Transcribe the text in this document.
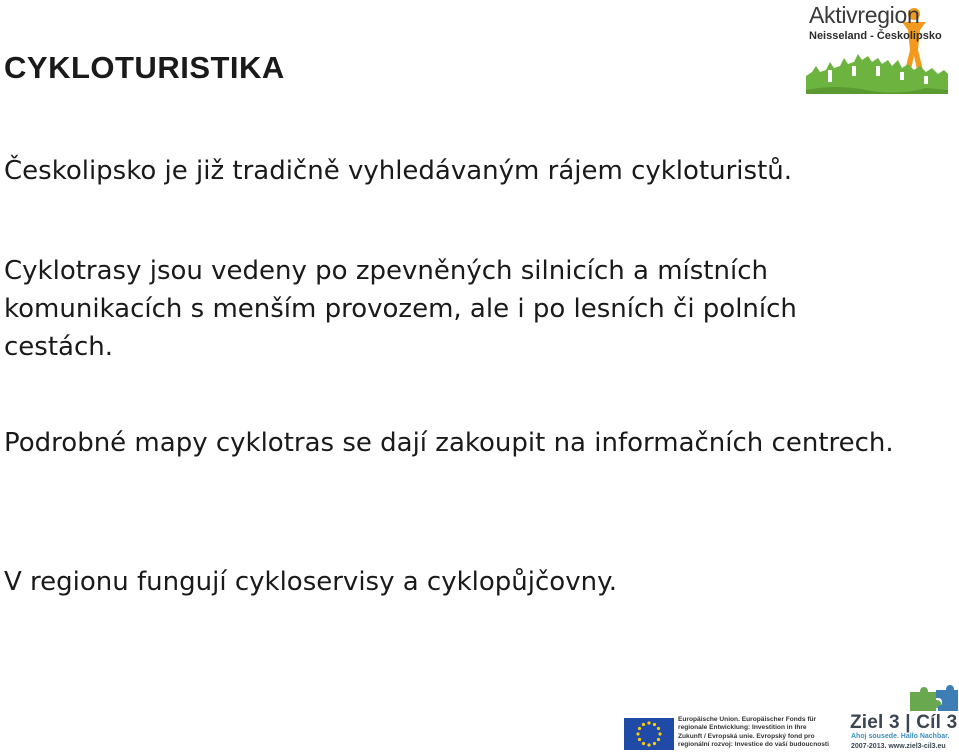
CYKLOTURISTIKA

Českolipsko je již tradičně vyhledávaným rájem cykloturistů.

Cyklotrasy jsou vedeny po zpevněných silnicích a místních komunikacích s menším provozem, ale i po lesních či polních cestách.

Podrobné mapy cyklotras se dají zakoupit na informačních centrech.

V regionu fungují cykloservisy a cyklopůjčovny.

Aktivregion
Neisseland - Českolipsko
Europäische Union. Europäischer Fonds für
regionale Entwicklung: Investition in Ihre
Zukunft / Evropská unie. Evropský fond pro
regionální rozvoj: Investice do vaší budoucnosti
Ziel 3 | Cíl 3
Ahoj sousede. Hallo Nachbar.
2007-2013. www.ziel3-cil3.eu
